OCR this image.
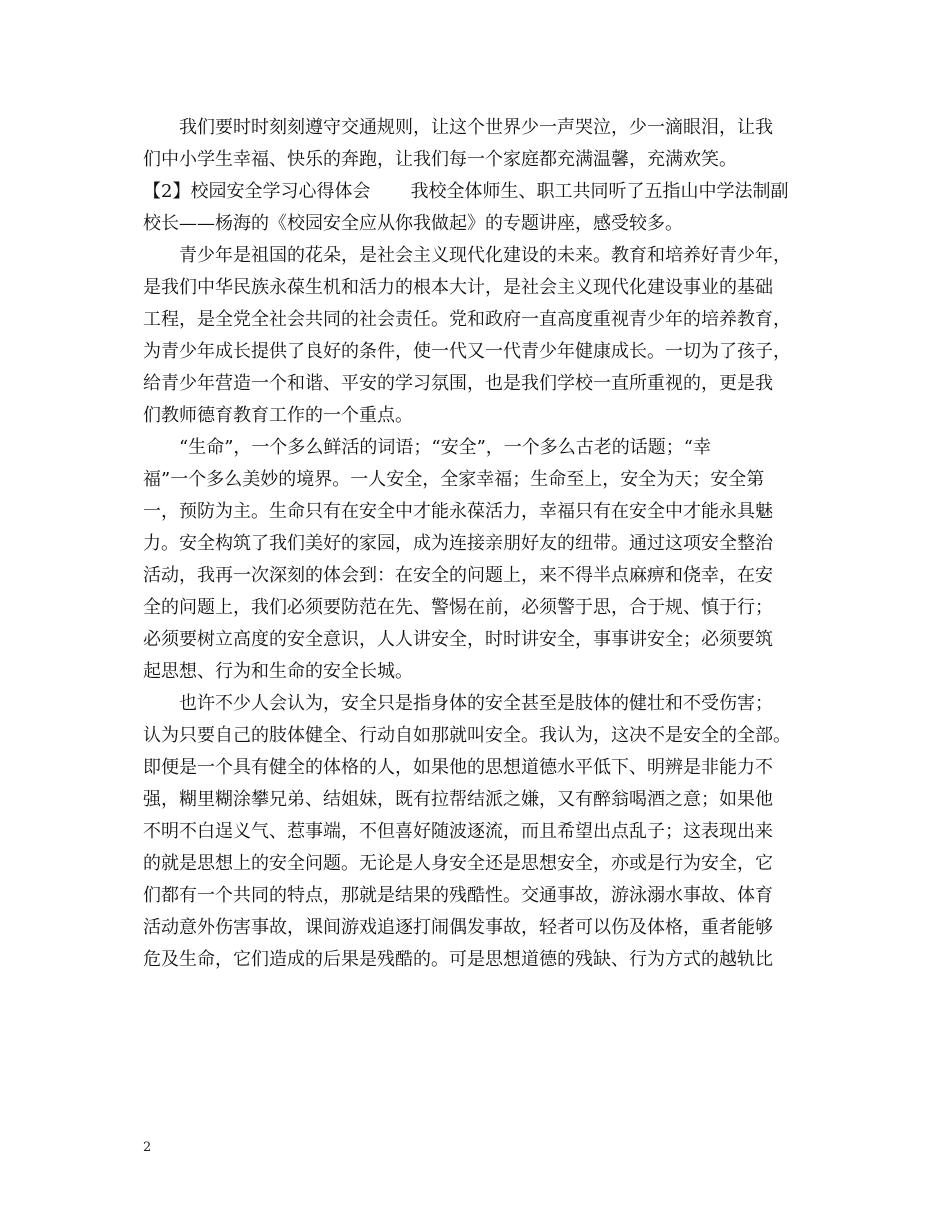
我们要时时刻刻遵守交通规则，让这个世界少一声哭泣，少一滴眼泪，让我
们中小学生幸福、快乐的奔跑，让我们每一个家庭都充满温馨，充满欢笑。

【2】校园安全学习心得体会 我校全体师生、职工共同听了五指山中学法制副
校长——杨海的《校园安全应从你我做起》的专题讲座，感受较多。

青少年是祖国的花朵，是社会主义现代化建设的未来。教育和培养好青少年，
是我们中华民族永葆生机和活力的根本大计，是社会主义现代化建设事业的基础
工程，是全党全社会共同的社会责任。党和政府一直高度重视青少年的培养教育，
为青少年成长提供了良好的条件，使一代又一代青少年健康成长。一切为了孩子，
给青少年营造一个和谐、平安的学习氛围，也是我们学校一直所重视的，更是我
们教师德育教育工作的一个重点。

“生命”，一个多么鲜活的词语；“安全”，一个多么古老的话题；“幸
福”一个多么美妙的境界。一人安全，全家幸福；生命至上，安全为天；安全第
一，预防为主。生命只有在安全中才能永葆活力，幸福只有在安全中才能永具魅
力。安全构筑了我们美好的家园，成为连接亲朋好友的纽带。通过这项安全整治
活动，我再一次深刻的体会到：在安全的问题上，来不得半点麻痹和侥幸，在安
全的问题上，我们必须要防范在先、警惕在前，必须警于思，合于规、慎于行；
必须要树立高度的安全意识，人人讲安全，时时讲安全，事事讲安全；必须要筑
起思想、行为和生命的安全长城。

也许不少人会认为，安全只是指身体的安全甚至是肢体的健壮和不受伤害；
认为只要自己的肢体健全、行动自如那就叫安全。我认为，这决不是安全的全部。
即便是一个具有健全的体格的人，如果他的思想道德水平低下、明辨是非能力不
强，糊里糊涂攀兄弟、结姐妹，既有拉帮结派之嫌，又有醉翁喝酒之意；如果他
不明不白逞义气、惹事端，不但喜好随波逐流，而且希望出点乱子；这表现出来
的就是思想上的安全问题。无论是人身安全还是思想安全，亦或是行为安全，它
们都有一个共同的特点，那就是结果的残酷性。交通事故，游泳溺水事故、体育
活动意外伤害事故，课间游戏追逐打闹偶发事故，轻者可以伤及体格，重者能够
危及生命，它们造成的后果是残酷的。可是思想道德的残缺、行为方式的越轨比

2
